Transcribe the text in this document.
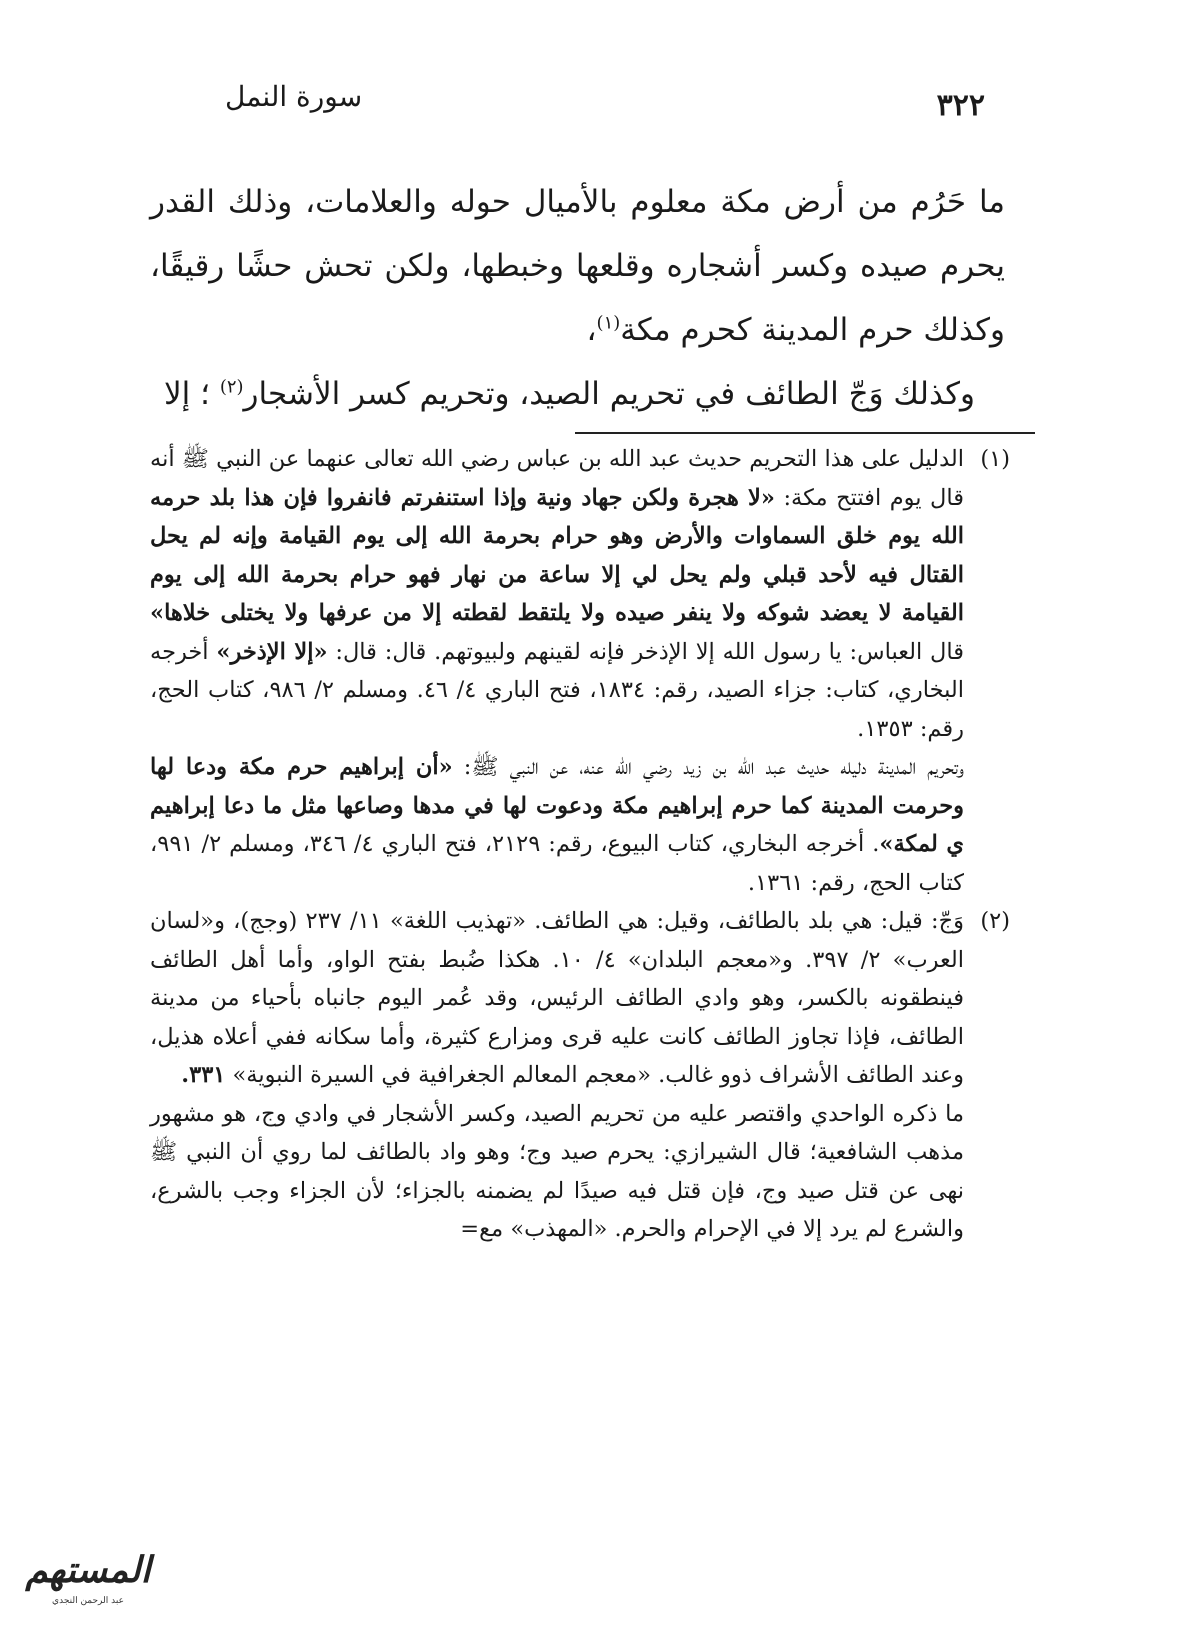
سورة النمل	٣٢٢

ما حَرُم من أرض مكة معلوم بالأميال حوله والعلامات، وذلك القدر يحرم صيده وكسر أشجاره وقلعها وخبطها، ولكن تحش حشًا رقيقًا، وكذلك حرم المدينة كحرم مكة$^{(١)}$،

وكذلك وَجّ الطائف في تحريم الصيد، وتحريم كسر الأشجار$^{(٢)}$ ؛ إلا

(١)
الدليل على هذا التحريم حديث عبد الله بن عباس رضي الله تعالى عنهما عن النبي ﷺ أنه قال يوم افتتح مكة: «لا هجرة ولكن جهاد ونية وإذا استنفرتم فانفروا فإن هذا بلد حرمه الله يوم خلق السماوات والأرض وهو حرام بحرمة الله إلى يوم القيامة وإنه لم يحل القتال فيه لأحد قبلي ولم يحل لي إلا ساعة من نهار فهو حرام بحرمة الله إلى يوم القيامة لا يعضد شوكه ولا ينفر صيده ولا يلتقط لقطته إلا من عرفها ولا يختلى خلاها» قال العباس: يا رسول الله إلا الإذخر فإنه لقينهم ولبيوتهم. قال: قال: «إلا الإذخر» أخرجه البخاري، كتاب: جزاء الصيد، رقم: ١٨٣٤، فتح الباري ٤/ ٤٦. ومسلم ٢/ ٩٨٦، كتاب الحج، رقم: ١٣٥٣.

وتحريم المدينة دليله حديث عبد الله بن زيد رضي الله عنه، عن النبي ﷺ: «أن إبراهيم حرم مكة ودعا لها وحرمت المدينة كما حرم إبراهيم مكة ودعوت لها في مدها وصاعها مثل ما دعا إبراهيم ي لمكة». أخرجه البخاري، كتاب البيوع، رقم: ٢١٢٩، فتح الباري ٤/ ٣٤٦، ومسلم ٢/ ٩٩١، كتاب الحج، رقم: ١٣٦١.

(٢)
وَجّ: قيل: هي بلد بالطائف، وقيل: هي الطائف. «تهذيب اللغة» ١١/ ٢٣٧ (وجج)، و«لسان العرب» ٢/ ٣٩٧. و«معجم البلدان» ٤/ ١٠. هكذا ضُبط بفتح الواو، وأما أهل الطائف فينطقونه بالكسر، وهو وادي الطائف الرئيس، وقد عُمر اليوم جانباه بأحياء من مدينة الطائف، فإذا تجاوز الطائف كانت عليه قرى ومزارع كثيرة، وأما سكانه ففي أعلاه هذيل، وعند الطائف الأشراف ذوو غالب. «معجم المعالم الجغرافية في السيرة النبوية» ٣٣١.

ما ذكره الواحدي واقتصر عليه من تحريم الصيد، وكسر الأشجار في وادي وج، هو مشهور مذهب الشافعية؛ قال الشيرازي: يحرم صيد وج؛ وهو واد بالطائف لما روي أن النبي ﷺ نهى عن قتل صيد وج، فإن قتل فيه صيدًا لم يضمنه بالجزاء؛ لأن الجزاء وجب بالشرع، والشرع لم يرد إلا في الإحرام والحرم. «المهذب» مع=

المستهم
عبد الرحمن النجدي
